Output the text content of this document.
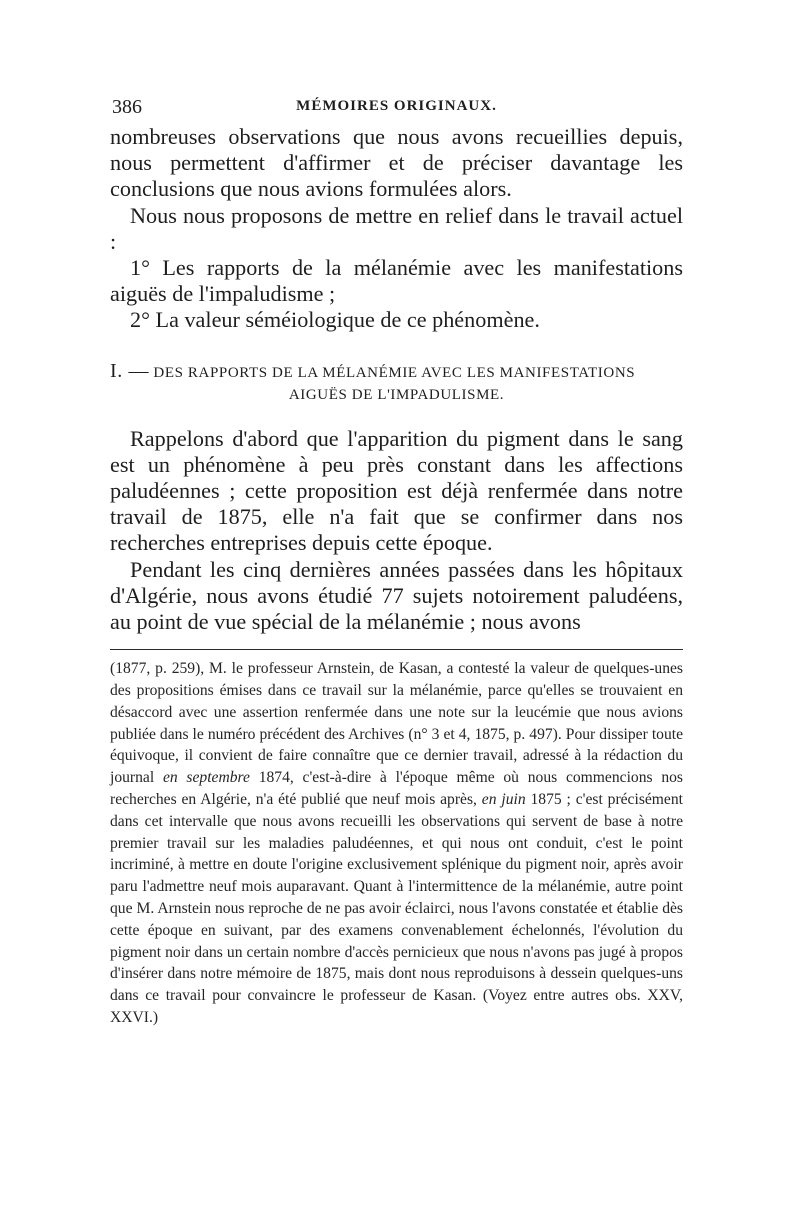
386	MÉMOIRES ORIGINAUX.

nombreuses observations que nous avons recueillies depuis, nous permettent d'affirmer et de préciser davantage les conclusions que nous avions formulées alors.

Nous nous proposons de mettre en relief dans le travail actuel :

1° Les rapports de la mélanémie avec les manifestations aiguës de l'impaludisme ;

2° La valeur séméiologique de ce phénomène.

I. — DES RAPPORTS DE LA MÉLANÉMIE AVEC LES MANIFESTATIONS
AIGUËS DE L'IMPADULISME.

Rappelons d'abord que l'apparition du pigment dans le sang est un phénomène à peu près constant dans les affections paludéennes ; cette proposition est déjà renfermée dans notre travail de 1875, elle n'a fait que se confirmer dans nos recherches entreprises depuis cette époque.

Pendant les cinq dernières années passées dans les hôpitaux d'Algérie, nous avons étudié 77 sujets notoirement paludéens, au point de vue spécial de la mélanémie ; nous avons

(1877, p. 259), M. le professeur Arnstein, de Kasan, a contesté la valeur de quelques-unes des propositions émises dans ce travail sur la mélanémie, parce qu'elles se trouvaient en désaccord avec une assertion renfermée dans une note sur la leucémie que nous avions publiée dans le numéro précédent des Archives (n° 3 et 4, 1875, p. 497). Pour dissiper toute équivoque, il convient de faire connaître que ce dernier travail, adressé à la rédaction du journal en septembre 1874, c'est-à-dire à l'époque même où nous commencions nos recherches en Algérie, n'a été publié que neuf mois après, en juin 1875 ; c'est précisément dans cet intervalle que nous avons recueilli les observations qui servent de base à notre premier travail sur les maladies paludéennes, et qui nous ont conduit, c'est le point incriminé, à mettre en doute l'origine exclusivement splénique du pigment noir, après avoir paru l'admettre neuf mois auparavant. Quant à l'intermittence de la mélanémie, autre point que M. Arnstein nous reproche de ne pas avoir éclairci, nous l'avons constatée et établie dès cette époque en suivant, par des examens convenablement échelonnés, l'évolution du pigment noir dans un certain nombre d'accès pernicieux que nous n'avons pas jugé à propos d'insérer dans notre mémoire de 1875, mais dont nous reproduisons à dessein quelques-uns dans ce travail pour convaincre le professeur de Kasan. (Voyez entre autres obs. XXV, XXVI.)
